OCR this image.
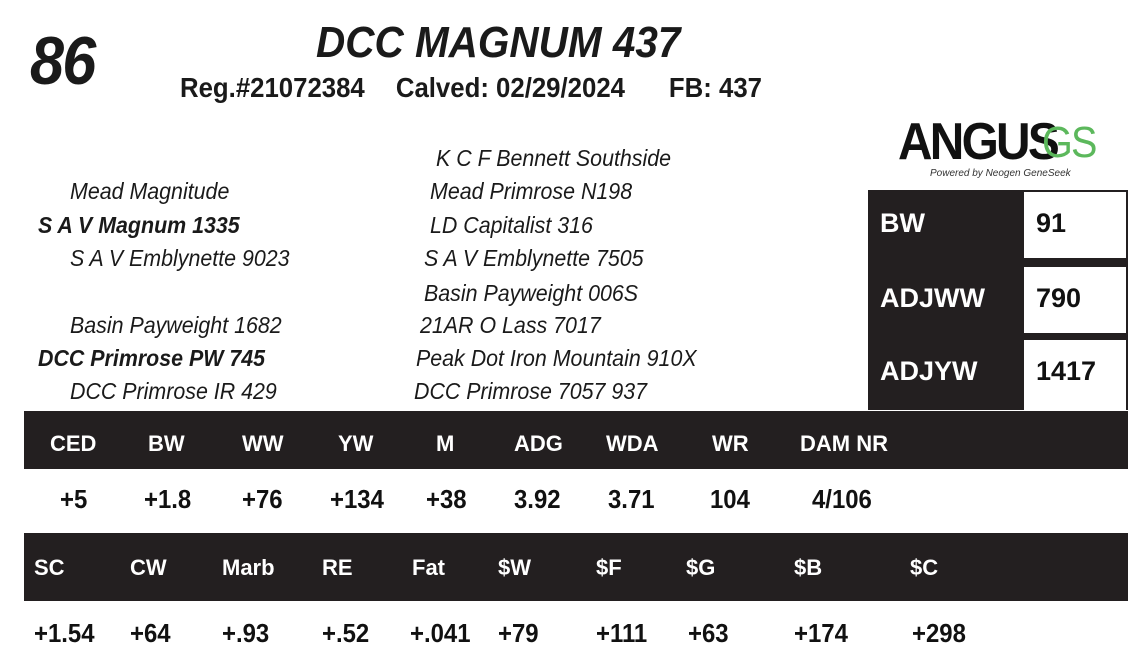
86	DCC MAGNUM 437
Reg.#21072384 Calved: 02/29/2024 FB: 437
Mead Magnitude
S A V Magnum 1335
S A V Emblynette 9023
Basin Payweight 1682
DCC Primrose PW 745
DCC Primrose IR 429
K C F Bennett Southside
Mead Primrose N198
LD Capitalist 316
S A V Emblynette 7505
Basin Payweight 006S
21AR O Lass 7017
Peak Dot Iron Mountain 910X
DCC Primrose 7057 937
ANGUS
GS
Powered by Neogen GeneSeek
BW	91
ADJWW 790
ADJYW 1417
CED BW	WW YW	M	ADG WDA WR DAM NR
+5 +1.8 +76 +134 +38 3.92 3.71 104 4/106
SC	CW	Marb RE	Fat $W	$F	$G	$B	$C
+1.54 +64 +.93 +.52 +.041 +79 +111 +63	+174 +298
